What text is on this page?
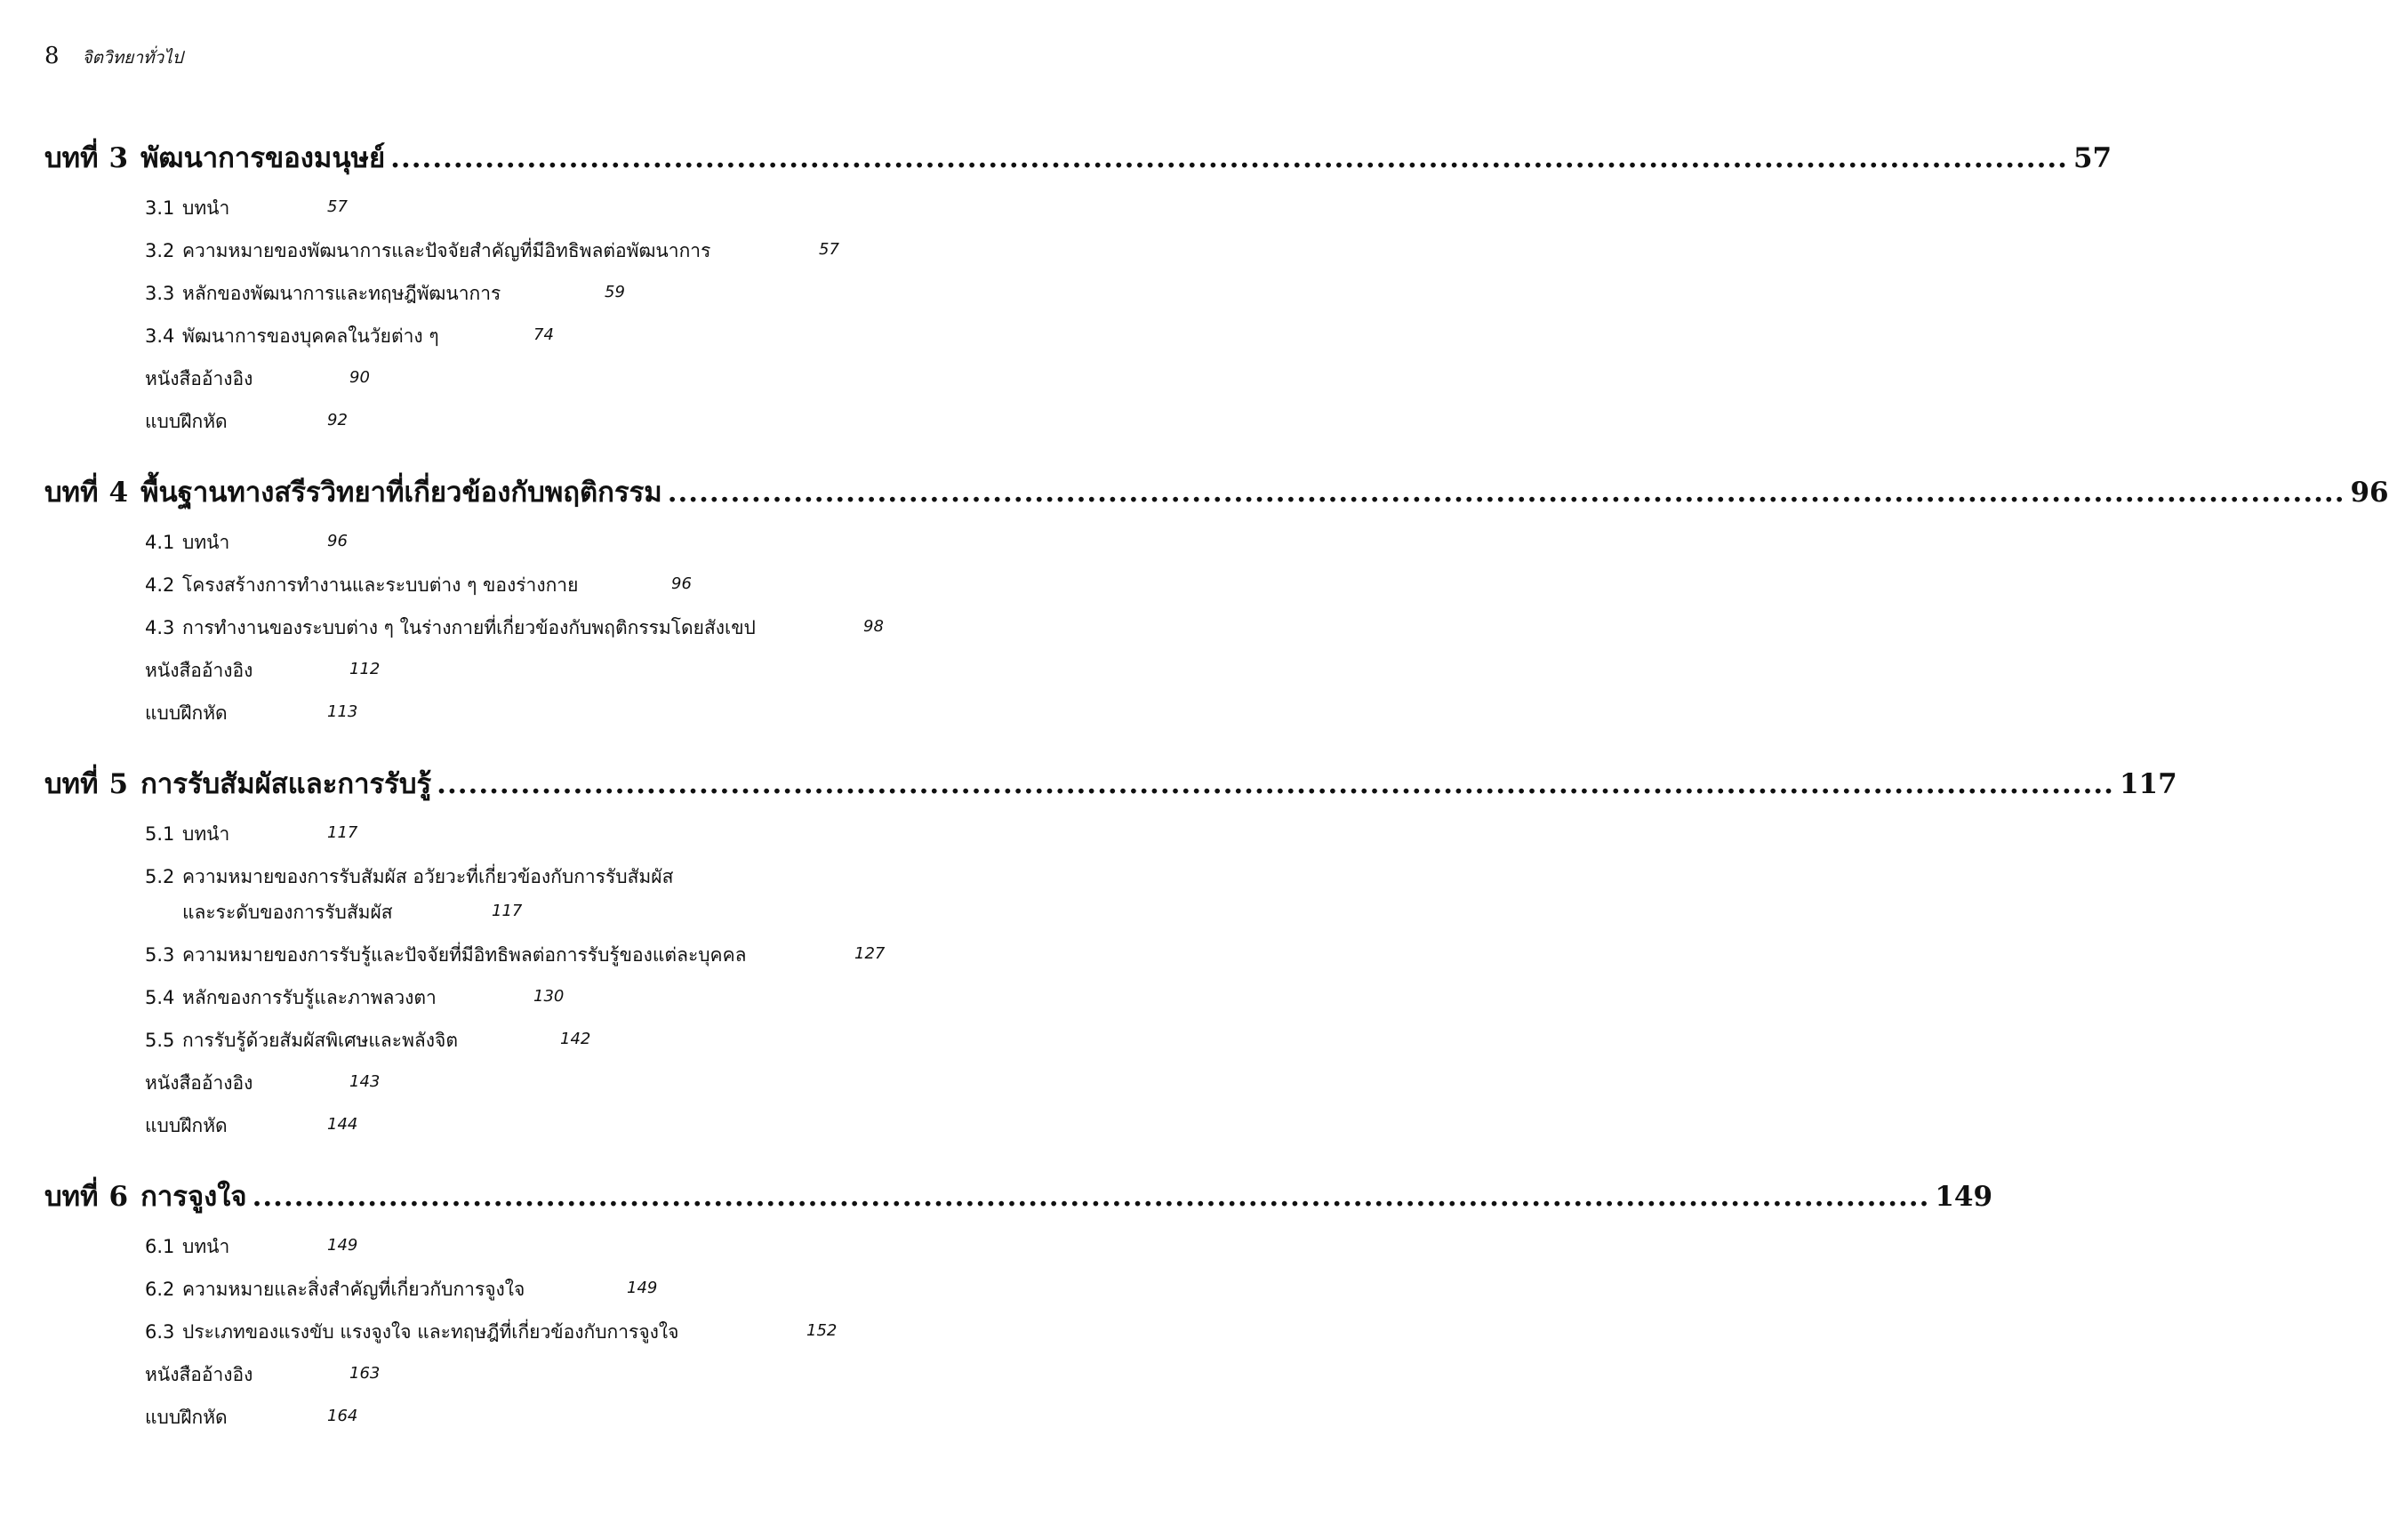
8 จิตวิทยาทั่วไป
บทที่ 3 พัฒนาการของมนุษย์ ................................................................................................................................................................ 57
3.1 บทนำ	57
3.2 ความหมายของพัฒนาการและปัจจัยสำคัญที่มีอิทธิพลต่อพัฒนาการ	57
3.3 หลักของพัฒนาการและทฤษฎีพัฒนาการ	59
3.4 พัฒนาการของบุคคลในวัยต่าง ๆ	74
หนังสืออ้างอิง	90
แบบฝึกหัด	92
บทที่ 4 พื้นฐานทางสรีรวิทยาที่เกี่ยวข้องกับพฤติกรรม ................................................................................................................................................................ 96
4.1 บทนำ	96
4.2 โครงสร้างการทำงานและระบบต่าง ๆ ของร่างกาย	96
4.3 การทำงานของระบบต่าง ๆ ในร่างกายที่เกี่ยวข้องกับพฤติกรรมโดยสังเขป	98
หนังสืออ้างอิง	112
แบบฝึกหัด	113
บทที่ 5 การรับสัมผัสและการรับรู้ ................................................................................................................................................................ 117
5.1 บทนำ	117
5.2 ความหมายของการรับสัมผัส อวัยวะที่เกี่ยวข้องกับการรับสัมผัส
และระดับของการรับสัมผัส	117
5.3 ความหมายของการรับรู้และปัจจัยที่มีอิทธิพลต่อการรับรู้ของแต่ละบุคคล	127
5.4 หลักของการรับรู้และภาพลวงตา	130
5.5 การรับรู้ด้วยสัมผัสพิเศษและพลังจิต	142
หนังสืออ้างอิง	143
แบบฝึกหัด	144
บทที่ 6 การจูงใจ ................................................................................................................................................................ 149
6.1 บทนำ	149
6.2 ความหมายและสิ่งสำคัญที่เกี่ยวกับการจูงใจ	149
6.3 ประเภทของแรงขับ แรงจูงใจ และทฤษฎีที่เกี่ยวข้องกับการจูงใจ	152
หนังสืออ้างอิง	163
แบบฝึกหัด	164
